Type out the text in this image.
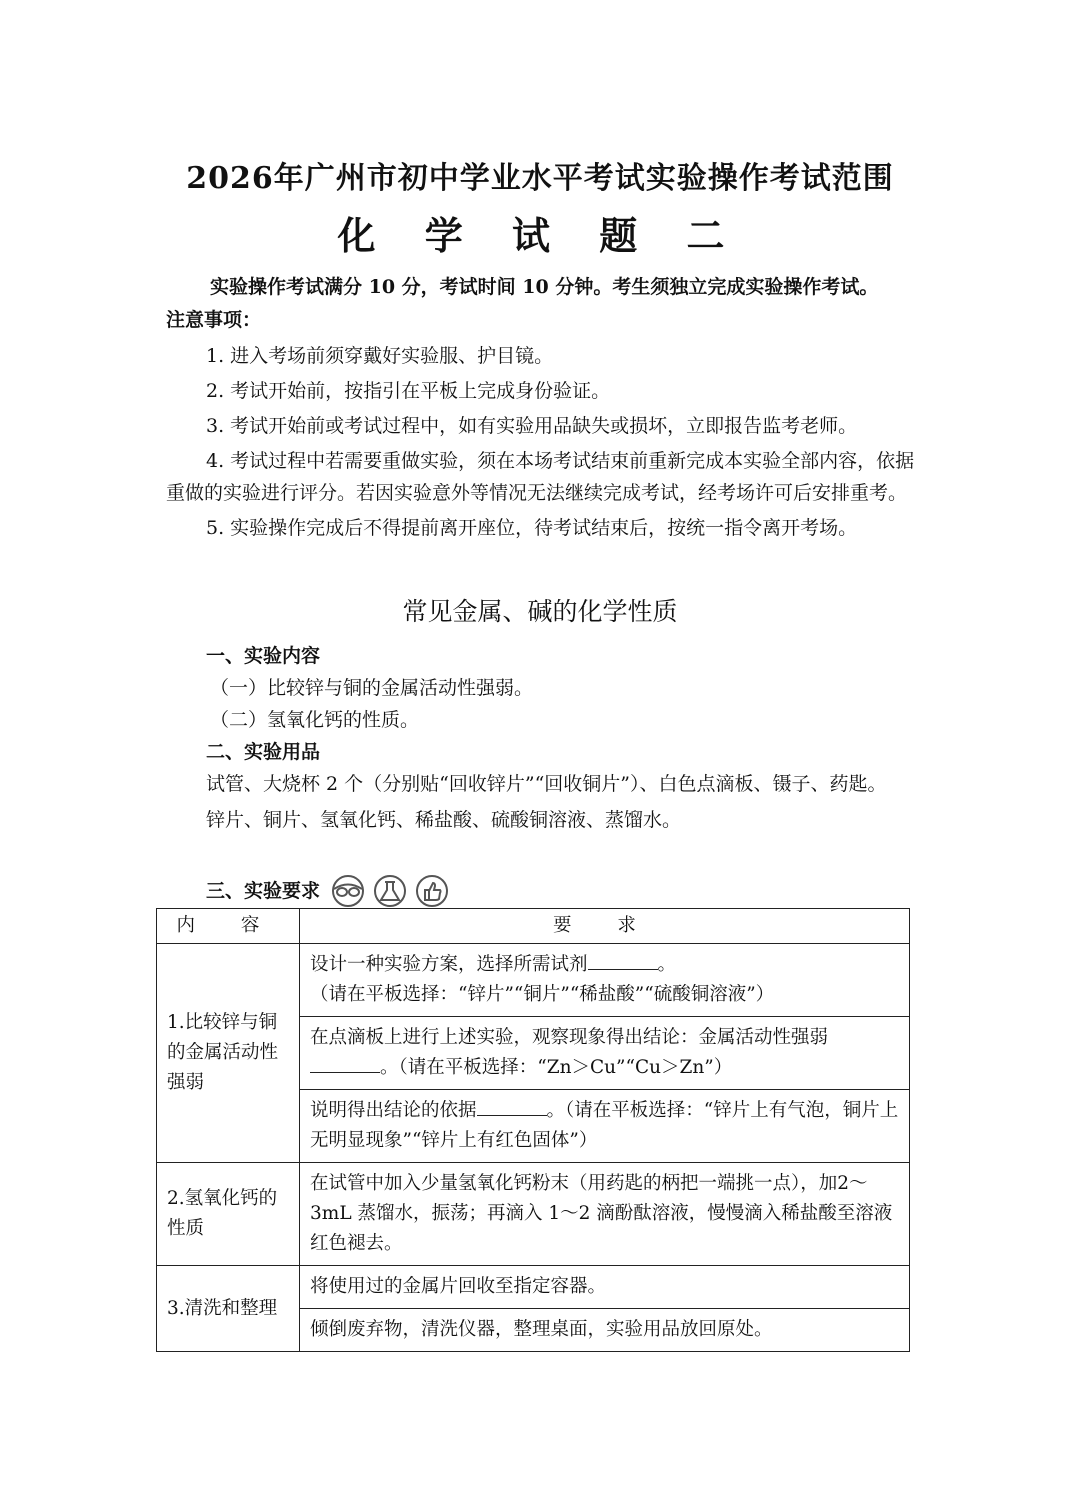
2026年广州市初中学业水平考试实验操作考试范围
化 学 试 题 二
实验操作考试满分 10 分，考试时间 10 分钟。考生须独立完成实验操作考试。
注意事项：

1. 进入考场前须穿戴好实验服、护目镜。

2. 考试开始前，按指引在平板上完成身份验证。

3. 考试开始前或考试过程中，如有实验用品缺失或损坏，立即报告监考老师。

4. 考试过程中若需要重做实验，须在本场考试结束前重新完成本实验全部内容，依据重做的实验进行评分。若因实验意外等情况无法继续完成考试，经考场许可后安排重考。

5. 实验操作完成后不得提前离开座位，待考试结束后，按统一指令离开考场。

常见金属、碱的化学性质
一、实验内容

（一）比较锌与铜的金属活动性强弱。

（二）氢氧化钙的性质。

二、实验用品

试管、大烧杯 2 个（分别贴“回收锌片”“回收铜片”）、白色点滴板、镊子、药匙。

锌片、铜片、氢氧化钙、稀盐酸、硫酸铜溶液、蒸馏水。

三、实验要求
内 容	要 求
1.比较锌与铜的金属活动性强弱	设计一种实验方案，选择所需试剂 。
（请在平板选择：“锌片”“铜片”“稀盐酸”“硫酸铜溶液”）
	在点滴板上进行上述实验，观察现象得出结论：金属活动性强弱
。（请在平板选择：“Zn＞Cu”“Cu＞Zn”）
	说明得出结论的依据 。（请在平板选择：“锌片上有气泡，铜片上无明显现象”“锌片上有红色固体”）
2.氢氧化钙的性质	在试管中加入少量氢氧化钙粉末（用药匙的柄把一端挑一点），加2～3mL 蒸馏水，振荡；再滴入 1～2 滴酚酞溶液，慢慢滴入稀盐酸至溶液红色褪去。
3.清洗和整理	将使用过的金属片回收至指定容器。
	倾倒废弃物，清洗仪器，整理桌面，实验用品放回原处。
